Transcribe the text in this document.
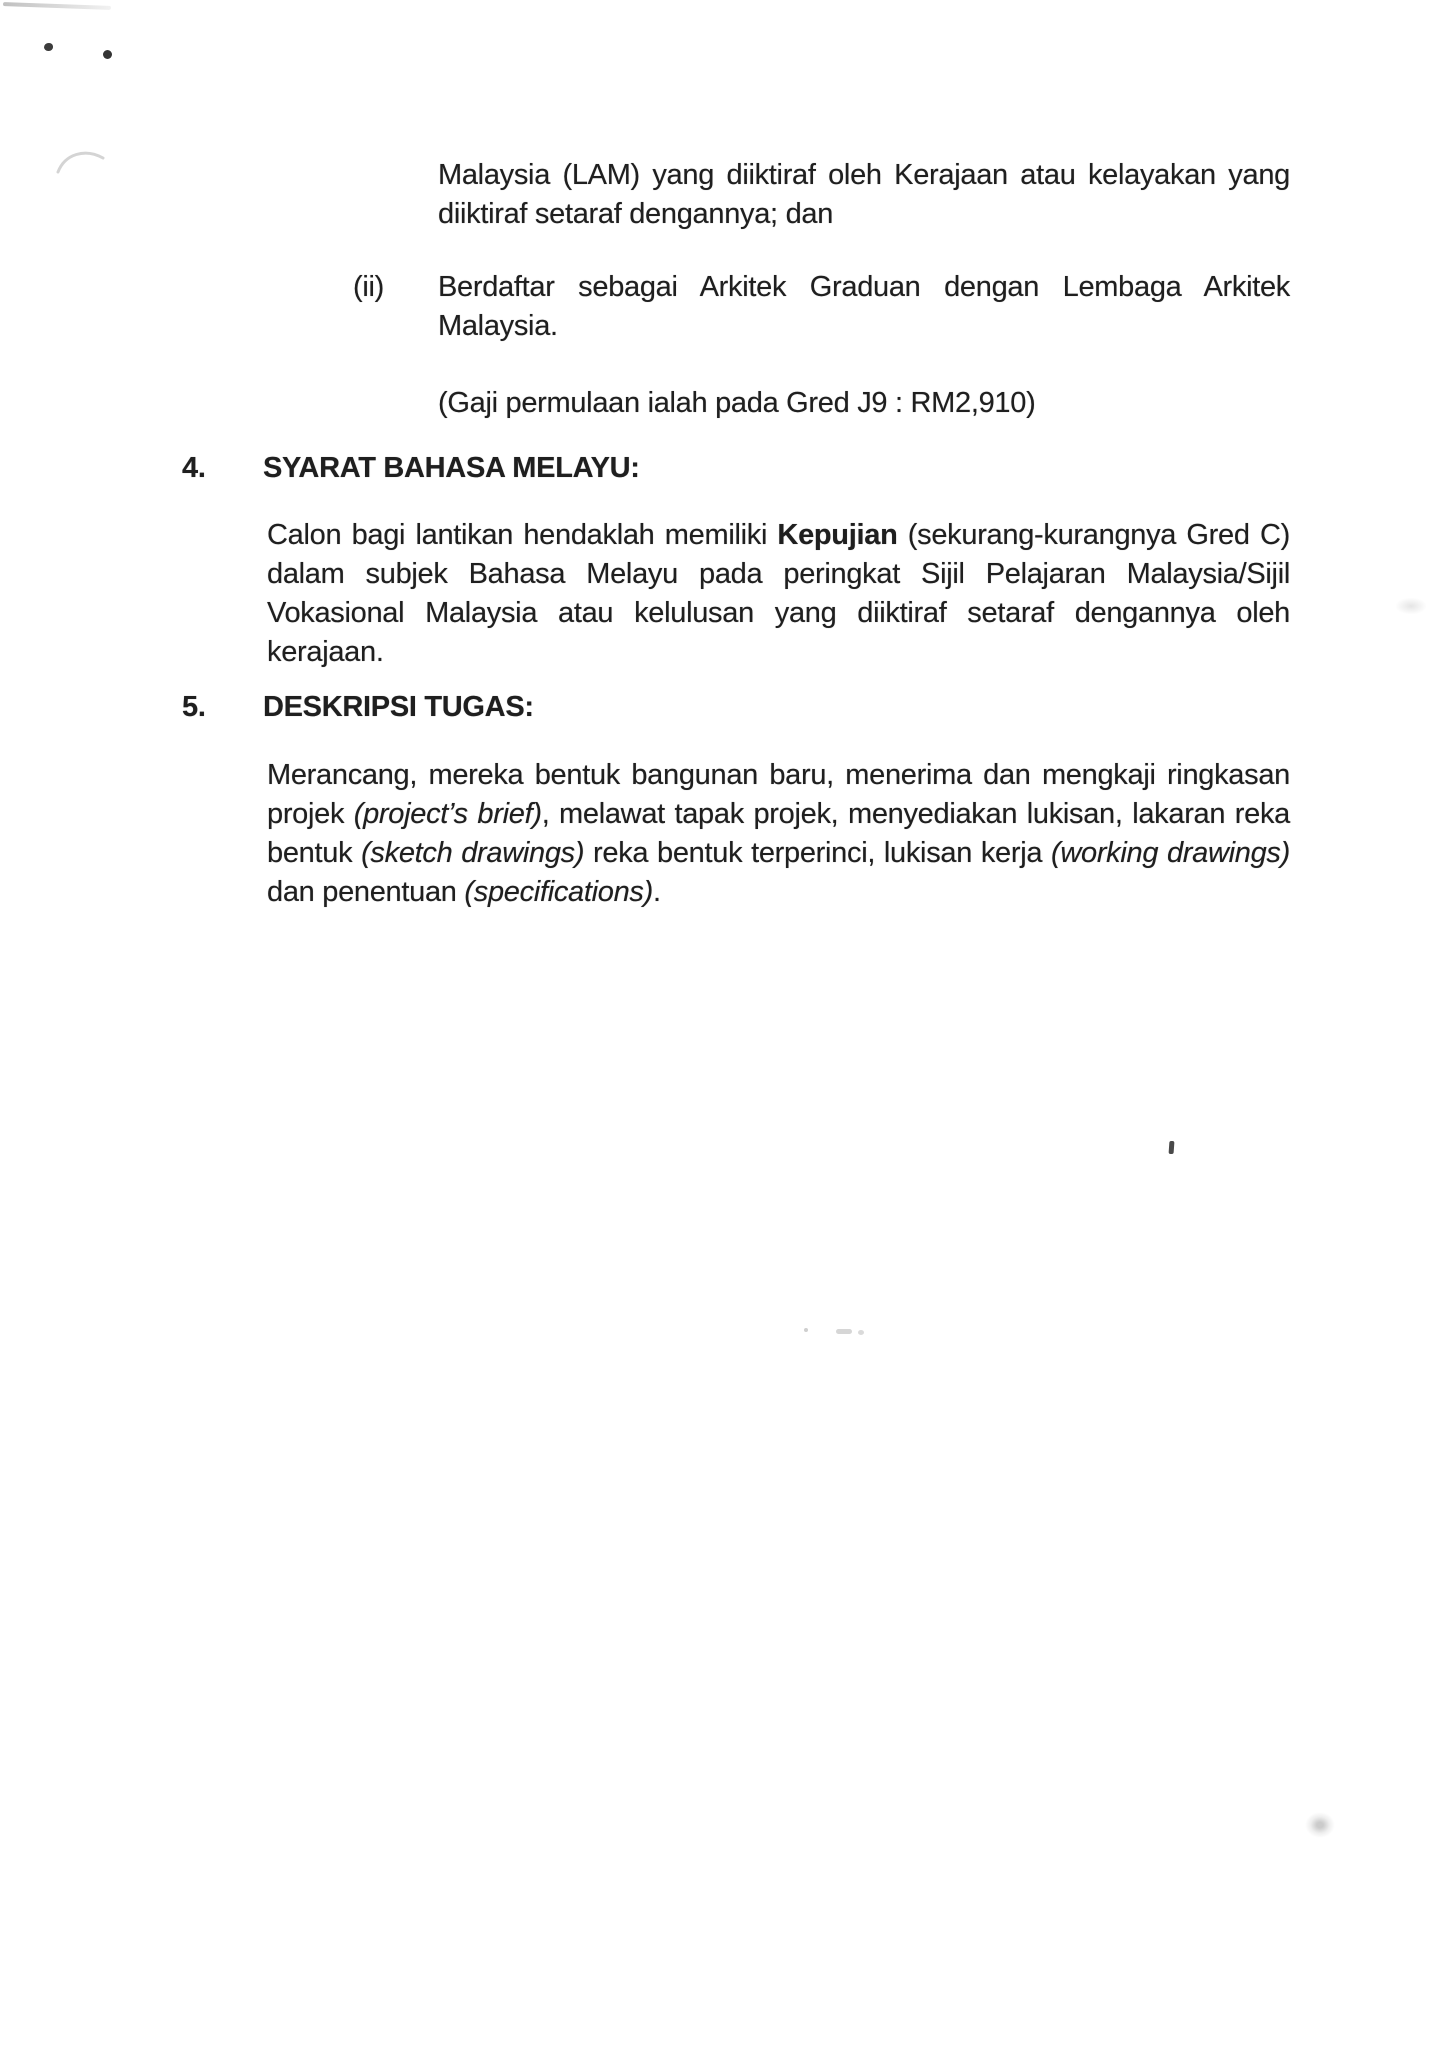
Malaysia (LAM) yang diiktiraf oleh Kerajaan atau kelayakan yang
diiktiraf setaraf dengannya; dan
(ii) Berdaftar sebagai Arkitek Graduan dengan Lembaga Arkitek
Malaysia.
(Gaji permulaan ialah pada Gred J9 : RM2,910)
4. SYARAT BAHASA MELAYU:
Calon bagi lantikan hendaklah memiliki Kepujian (sekurang-kurangnya Gred C)
dalam subjek Bahasa Melayu pada peringkat Sijil Pelajaran Malaysia/Sijil
Vokasional Malaysia atau kelulusan yang diiktiraf setaraf dengannya oleh
kerajaan.
5. DESKRIPSI TUGAS:
Merancang, mereka bentuk bangunan baru, menerima dan mengkaji ringkasan
projek (project’s brief), melawat tapak projek, menyediakan lukisan, lakaran reka
bentuk (sketch drawings) reka bentuk terperinci, lukisan kerja (working drawings)
dan penentuan (specifications).
